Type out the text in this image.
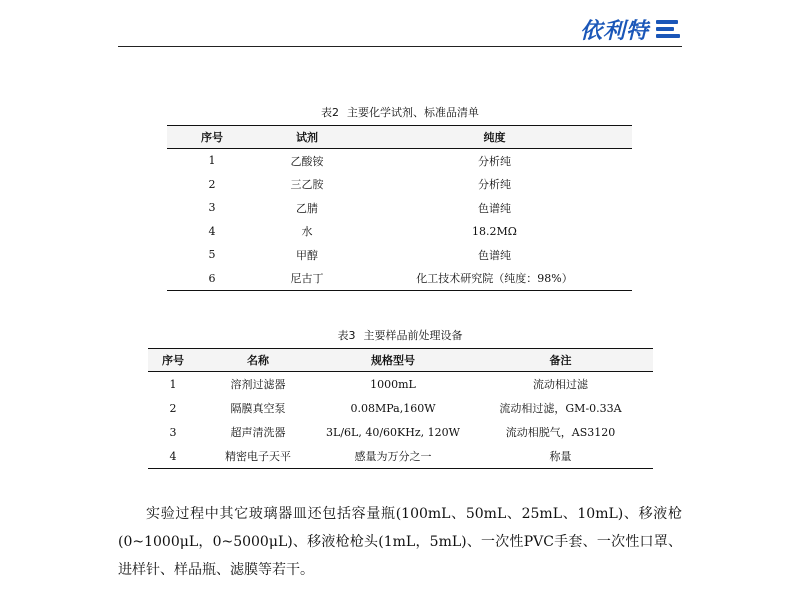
依利特
表2 主要化学试剂、标准品清单
序号	试剂	纯度
1	乙酸铵	分析纯
2	三乙胺	分析纯
3	乙腈	色谱纯
4	水	18.2MΩ
5	甲醇	色谱纯
6	尼古丁	化工技术研究院（纯度：98%）
表3 主要样品前处理设备
序号	名称	规格型号	备注
1	溶剂过滤器	1000mL	流动相过滤
2	隔膜真空泵	0.08MPa,160W	流动相过滤，GM-0.33A
3	超声清洗器	3L/6L, 40/60KHz, 120W	流动相脱气，AS3120
4	精密电子天平	感量为万分之一	称量

实验过程中其它玻璃器皿还包括容量瓶(100mL、50mL、25mL、10mL)、移液枪(0~1000μL，0~5000μL)、移液枪枪头(1mL，5mL)、一次性PVC手套、一次性口罩、进样针、样品瓶、滤膜等若干。
